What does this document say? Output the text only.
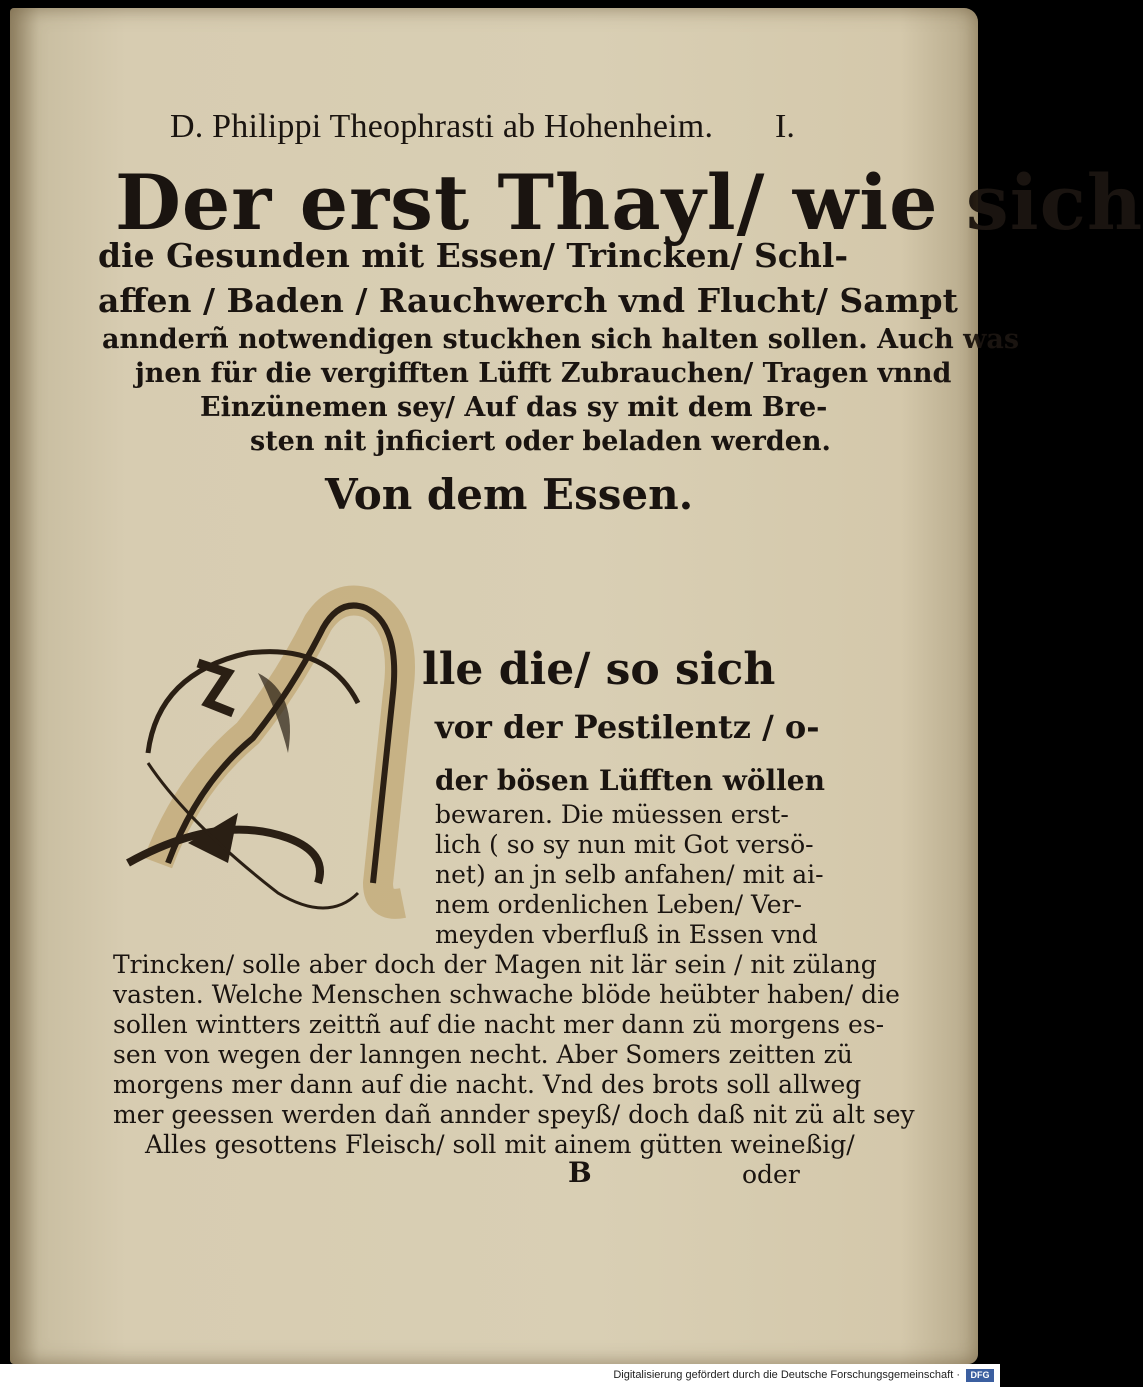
D. Philippi Theophrasti ab Hohenheim. I.
Der erst Thayl/ wie sich
die Gesunden mit Essen/ Trincken/ Schl-
affen / Baden / Rauchwerch vnd Flucht/ Sampt
annderñ notwendigen stuckhen sich halten sollen. Auch was
jnen für die vergifften Lüfft Zubrauchen/ Tragen vnnd
Einzünemen sey/ Auf das sy mit dem Bre-
sten nit jnficiert oder beladen werden.
Von dem Essen.
lle die/ so sich
vor der Pestilentz / o-
der bösen Lüfften wöllen
bewaren. Die müessen erst-
lich ( so sy nun mit Got versö-
net) an jn selb anfahen/ mit ai-
nem ordenlichen Leben/ Ver-
meyden vberfluß in Essen vnd
Trincken/ solle aber doch der Magen nit lär sein / nit zülang
vasten. Welche Menschen schwache blöde heübter haben/ die
sollen wintters zeittñ auf die nacht mer dann zü morgens es-
sen von wegen der lanngen necht. Aber Somers zeitten zü
morgens mer dann auf die nacht. Vnd des brots soll allweg
mer geessen werden dañ annder speyß/ doch daß nit zü alt sey
Alles gesottens Fleisch/ soll mit ainem gütten weineßig/
B	oder
Digitalisierung gefördert durch die Deutsche Forschungsgemeinschaft ·	DFG
